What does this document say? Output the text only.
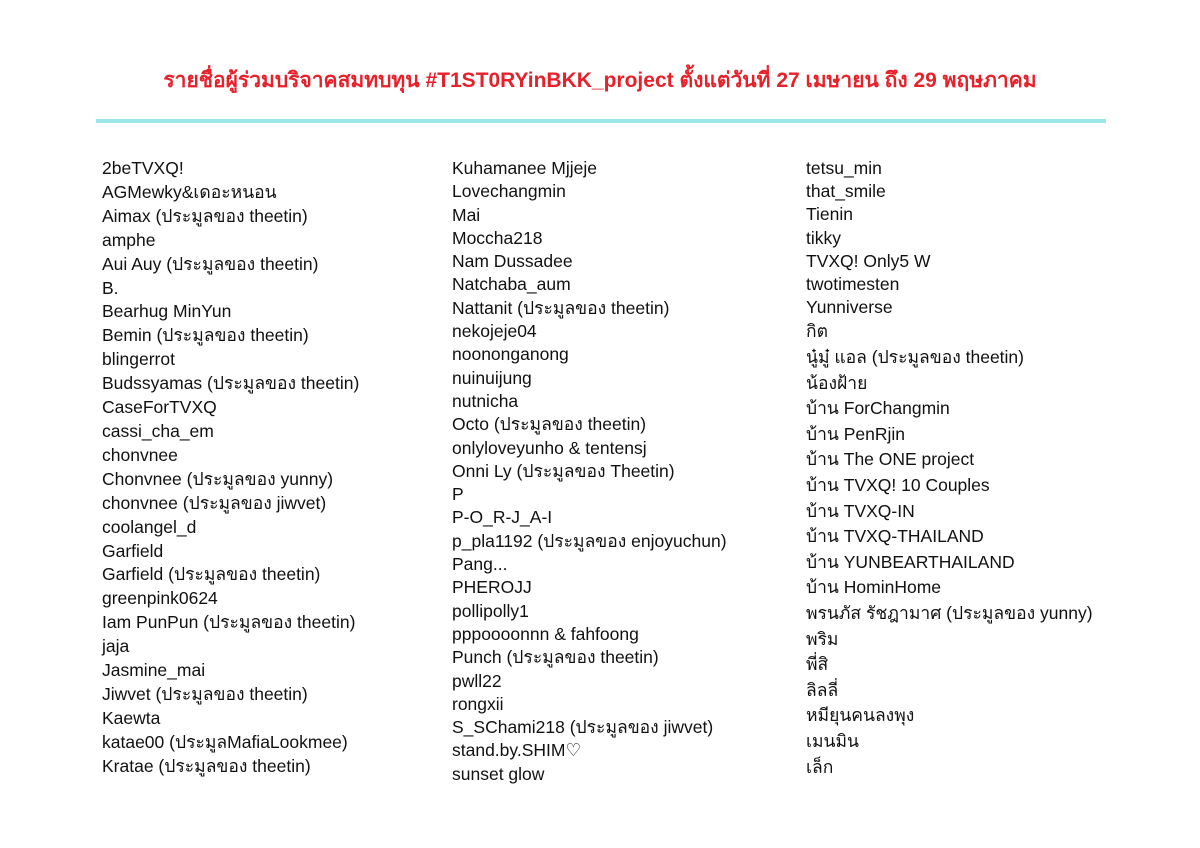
รายชื่อผู้ร่วมบริจาคสมทบทุน #T1ST0RYinBKK_project ตั้งแต่วันที่ 27 เมษายน ถึง 29 พฤษภาคม
2beTVXQ!
AGMewky&เดอะหนอน
Aimax (ประมูลของ theetin)
amphe
Aui Auy (ประมูลของ theetin)
B.
Bearhug MinYun
Bemin (ประมูลของ theetin)
blingerrot
Budssyamas (ประมูลของ theetin)
CaseForTVXQ
cassi_cha_em
chonvnee
Chonvnee (ประมูลของ yunny)
chonvnee (ประมูลของ jiwvet)
coolangel_d
Garfield
Garfield (ประมูลของ theetin)
greenpink0624
Iam PunPun (ประมูลของ theetin)
jaja
Jasmine_mai
Jiwvet (ประมูลของ theetin)
Kaewta
katae00 (ประมูลMafiaLookmee)
Kratae (ประมูลของ theetin)
Kuhamanee Mjjeje
Lovechangmin
Mai
Moccha218
Nam Dussadee
Natchaba_aum
Nattanit (ประมูลของ theetin)
nekojeje04
noononganong
nuinuijung
nutnicha
Octo (ประมูลของ theetin)
onlyloveyunho & tentensj
Onni Ly (ประมูลของ Theetin)
P
P-O_R-J_A-I
p_pla1192 (ประมูลของ enjoyuchun)
Pang...
PHEROJJ
pollipolly1
pppoooonnn & fahfoong
Punch (ประมูลของ theetin)
pwll22
rongxii
S_SChami218 (ประมูลของ jiwvet)
stand.by.SHIM♡
sunset glow
tetsu_min
that_smile
Tienin
tikky
TVXQ! Only5 W
twotimesten
Yunniverse
กิต
นู๋มู๋ แอล (ประมูลของ theetin)
น้องฝ้าย
บ้าน ForChangmin
บ้าน PenRjin
บ้าน The ONE project
บ้าน TVXQ! 10 Couples
บ้าน TVXQ-IN
บ้าน TVXQ-THAILAND
บ้าน YUNBEARTHAILAND
บ้าน HominHome
พรนภัส รัชฎามาศ (ประมูลของ yunny)
พริม
พี่สิ
ลิลลี่
หมียุนคนลงพุง
เมนมิน
เล็ก
